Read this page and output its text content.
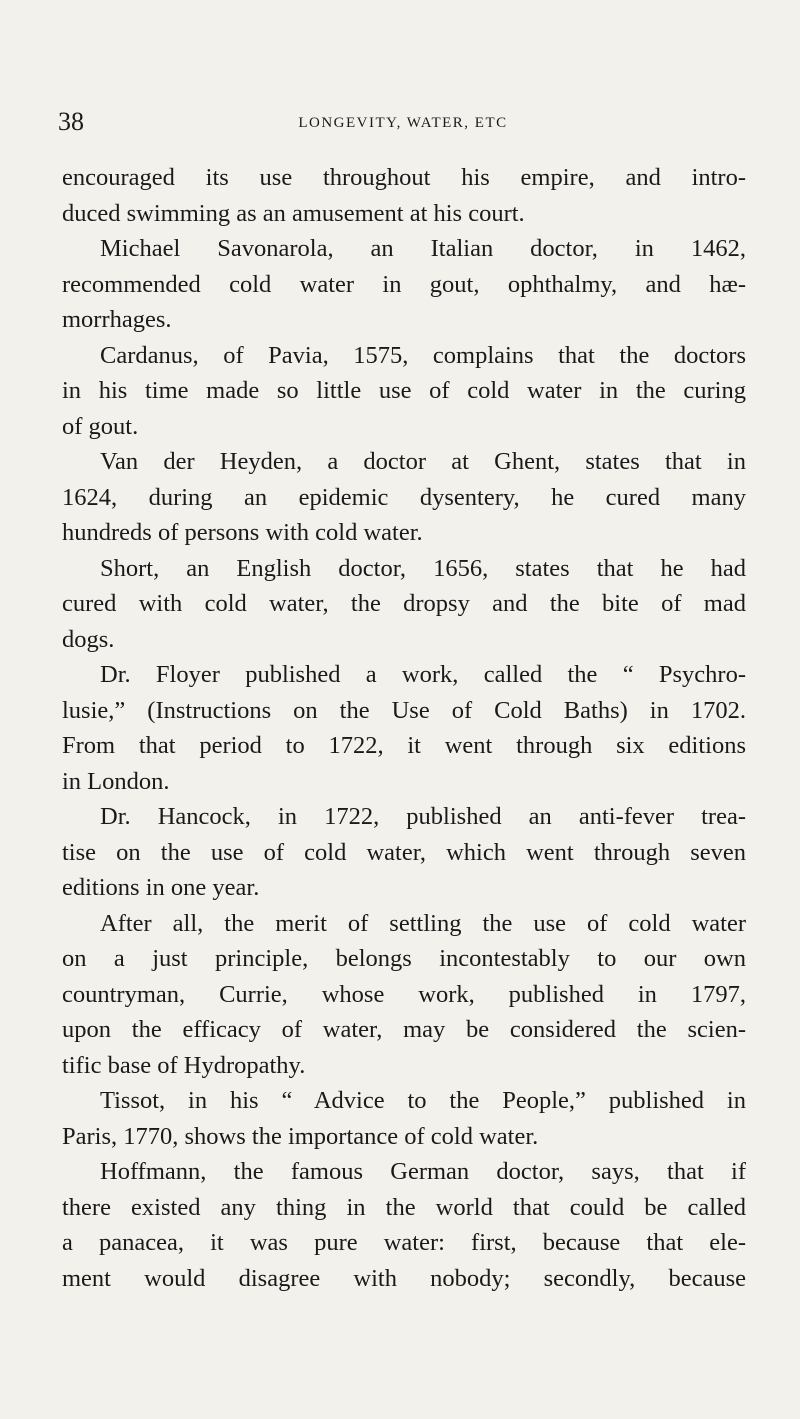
38	LONGEVITY, WATER, ETC
encouraged its use throughout his empire, and intro-
duced swimming as an amusement at his court.
Michael Savonarola, an Italian doctor, in 1462,
recommended cold water in gout, ophthalmy, and hæ-
morrhages.
Cardanus, of Pavia, 1575, complains that the doctors
in his time made so little use of cold water in the curing
of gout.
Van der Heyden, a doctor at Ghent, states that in
1624, during an epidemic dysentery, he cured many
hundreds of persons with cold water.
Short, an English doctor, 1656, states that he had
cured with cold water, the dropsy and the bite of mad
dogs.
Dr. Floyer published a work, called the “ Psychro-
lusie,” (Instructions on the Use of Cold Baths) in 1702.
From that period to 1722, it went through six editions
in London.
Dr. Hancock, in 1722, published an anti-fever trea-
tise on the use of cold water, which went through seven
editions in one year.
After all, the merit of settling the use of cold water
on a just principle, belongs incontestably to our own
countryman, Currie, whose work, published in 1797,
upon the efficacy of water, may be considered the scien-
tific base of Hydropathy.
Tissot, in his “ Advice to the People,” published in
Paris, 1770, shows the importance of cold water.
Hoffmann, the famous German doctor, says, that if
there existed any thing in the world that could be called
a panacea, it was pure water: first, because that ele-
ment would disagree with nobody; secondly, because
